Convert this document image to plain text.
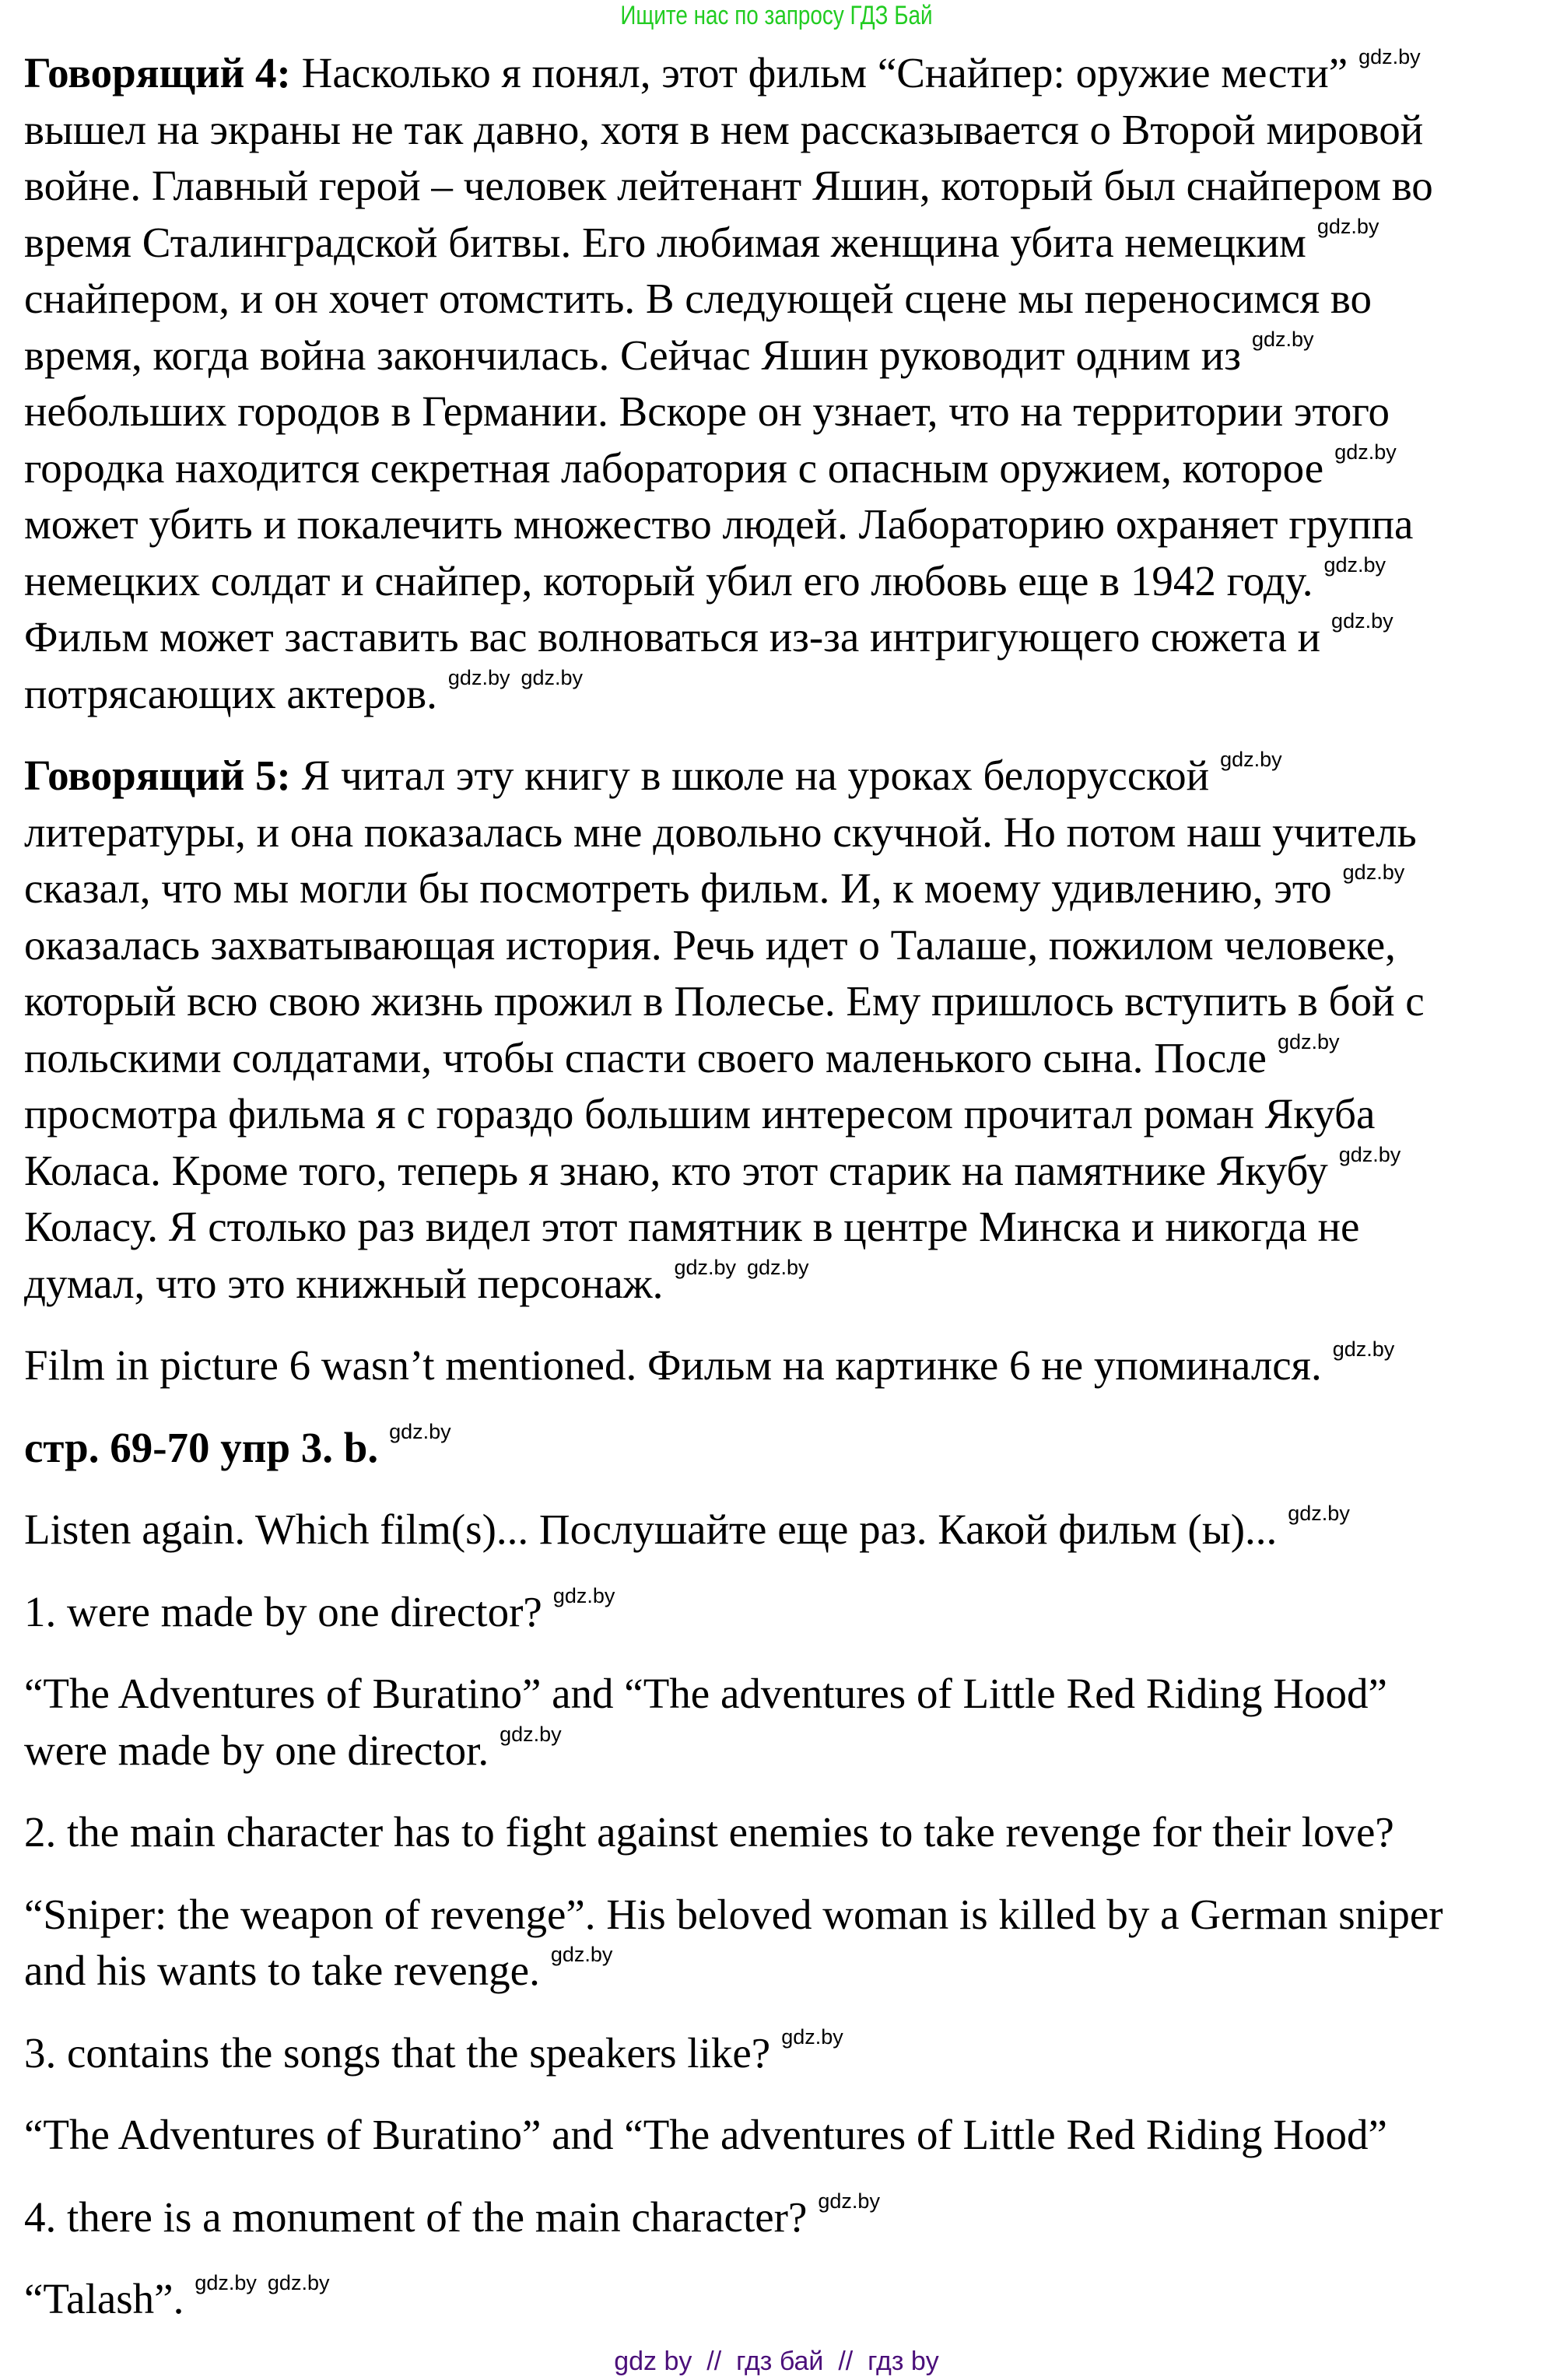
Ищите нас по запросу ГДЗ Бай
Говорящий 4: Насколько я понял, этот фильм “Снайпер: оружие мести” gdz.by
вышел на экраны не так давно, хотя в нем рассказывается о Второй мировой
войне. Главный герой – человек лейтенант Яшин, который был снайпером во
время Сталинградской битвы. Его любимая женщина убита немецким gdz.by
снайпером, и он хочет отомстить. В следующей сцене мы переносимся во
время, когда война закончилась. Сейчас Яшин руководит одним из gdz.by
небольших городов в Германии. Вскоре он узнает, что на территории этого
городка находится секретная лаборатория с опасным оружием, которое gdz.by
может убить и покалечить множество людей. Лабораторию охраняет группа
немецких солдат и снайпер, который убил его любовь еще в 1942 году. gdz.by
Фильм может заставить вас волноваться из-за интригующего сюжета и gdz.by
потрясающих актеров. gdz.by gdz.by
Говорящий 5: Я читал эту книгу в школе на уроках белорусской gdz.by
литературы, и она показалась мне довольно скучной. Но потом наш учитель
сказал, что мы могли бы посмотреть фильм. И, к моему удивлению, это gdz.by
оказалась захватывающая история. Речь идет о Талаше, пожилом человеке,
который всю свою жизнь прожил в Полесье. Ему пришлось вступить в бой с
польскими солдатами, чтобы спасти своего маленького сына. После gdz.by
просмотра фильма я с гораздо большим интересом прочитал роман Якуба
Коласа. Кроме того, теперь я знаю, кто этот старик на памятнике Якубу gdz.by
Коласу. Я столько раз видел этот памятник в центре Минска и никогда не
думал, что это книжный персонаж. gdz.by gdz.by
Film in picture 6 wasn’t mentioned. Фильм на картинке 6 не упоминался. gdz.by
стр. 69-70 упр 3. b. gdz.by
Listen again. Which film(s)... Послушайте еще раз. Какой фильм (ы)... gdz.by
1. were made by one director? gdz.by
“The Adventures of Buratino” and “The adventures of Little Red Riding Hood”
were made by one director. gdz.by
2. the main character has to fight against enemies to take revenge for their love?
“Sniper: the weapon of revenge”. His beloved woman is killed by a German sniper
and his wants to take revenge. gdz.by
3. contains the songs that the speakers like? gdz.by
“The Adventures of Buratino” and “The adventures of Little Red Riding Hood”
4. there is a monument of the main character? gdz.by
“Talash”. gdz.by gdz.by
gdz by  //  гдз бай  //  гдз by
